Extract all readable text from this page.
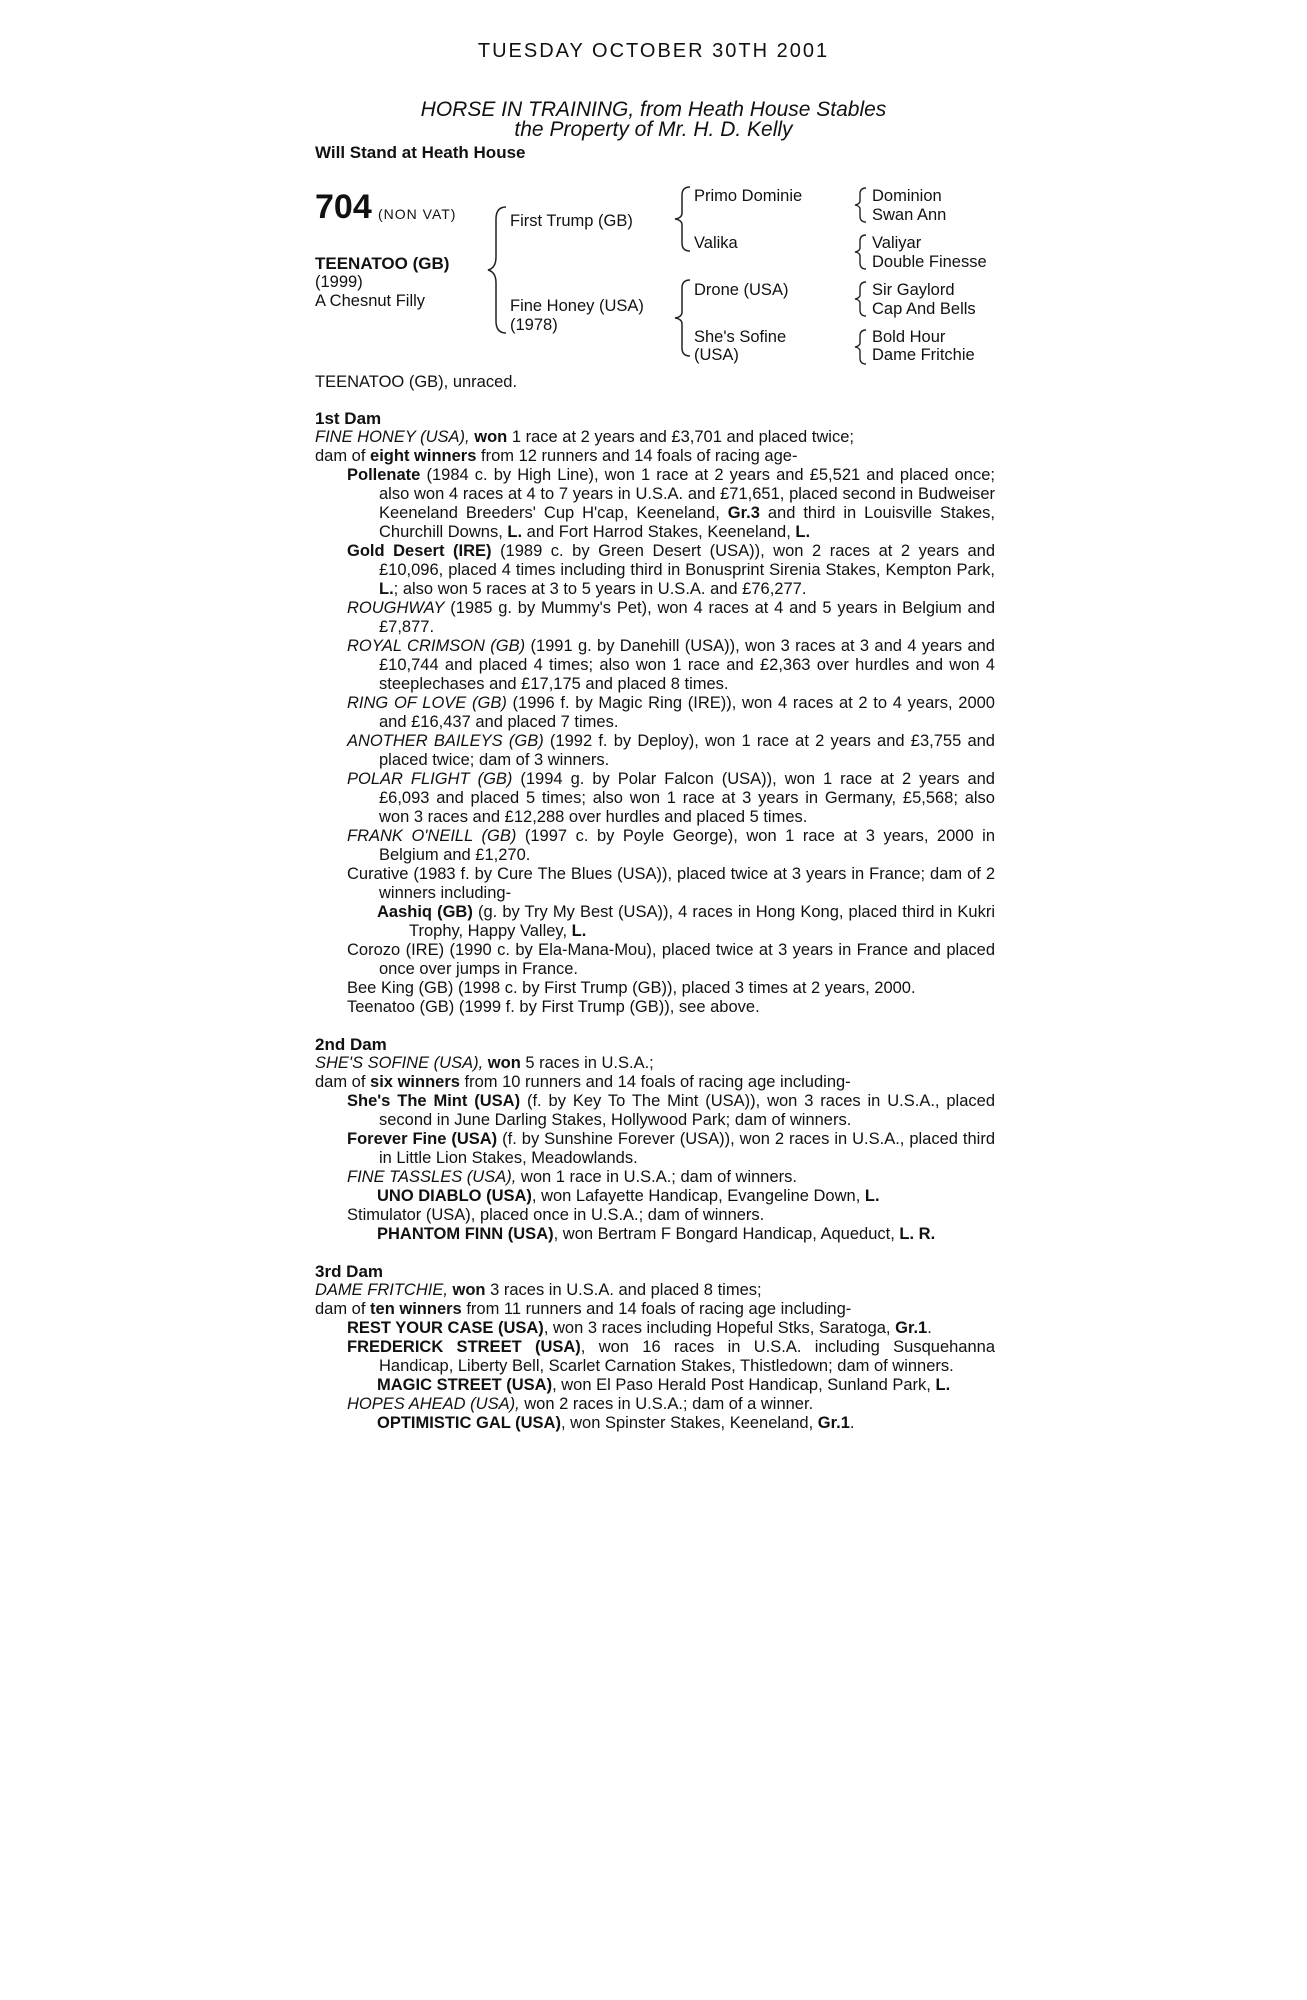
TUESDAY OCTOBER 30TH 2001
HORSE IN TRAINING, from Heath House Stables
the Property of Mr. H. D. Kelly
Will Stand at Heath House
704 (NON VAT)
TEENATOO (GB)
(1999)
A Chesnut Filly
First Trump (GB)
Fine Honey (USA)
(1978)
Primo Dominie
Valika
Drone (USA)
She's Sofine
(USA)
Dominion
Swan Ann
Valiyar
Double Finesse
Sir Gaylord
Cap And Bells
Bold Hour
Dame Fritchie
TEENATOO (GB), unraced.

1st Dam

FINE HONEY (USA), won 1 race at 2 years and £3,701 and placed twice;

dam of eight winners from 12 runners and 14 foals of racing age-

Pollenate (1984 c. by High Line), won 1 race at 2 years and £5,521 and placed once; also won 4 races at 4 to 7 years in U.S.A. and £71,651, placed second in Budweiser Keeneland Breeders' Cup H'cap, Keeneland, Gr.3 and third in Louisville Stakes, Churchill Downs, L. and Fort Harrod Stakes, Keeneland, L.

Gold Desert (IRE) (1989 c. by Green Desert (USA)), won 2 races at 2 years and £10,096, placed 4 times including third in Bonusprint Sirenia Stakes, Kempton Park, L.; also won 5 races at 3 to 5 years in U.S.A. and £76,277.

ROUGHWAY (1985 g. by Mummy's Pet), won 4 races at 4 and 5 years in Belgium and £7,877.

ROYAL CRIMSON (GB) (1991 g. by Danehill (USA)), won 3 races at 3 and 4 years and £10,744 and placed 4 times; also won 1 race and £2,363 over hurdles and won 4 steeplechases and £17,175 and placed 8 times.

RING OF LOVE (GB) (1996 f. by Magic Ring (IRE)), won 4 races at 2 to 4 years, 2000 and £16,437 and placed 7 times.

ANOTHER BAILEYS (GB) (1992 f. by Deploy), won 1 race at 2 years and £3,755 and placed twice; dam of 3 winners.

POLAR FLIGHT (GB) (1994 g. by Polar Falcon (USA)), won 1 race at 2 years and £6,093 and placed 5 times; also won 1 race at 3 years in Germany, £5,568; also won 3 races and £12,288 over hurdles and placed 5 times.

FRANK O'NEILL (GB) (1997 c. by Poyle George), won 1 race at 3 years, 2000 in Belgium and £1,270.

Curative (1983 f. by Cure The Blues (USA)), placed twice at 3 years in France; dam of 2 winners including-

Aashiq (GB) (g. by Try My Best (USA)), 4 races in Hong Kong, placed third in Kukri Trophy, Happy Valley, L.

Corozo (IRE) (1990 c. by Ela-Mana-Mou), placed twice at 3 years in France and placed once over jumps in France.

Bee King (GB) (1998 c. by First Trump (GB)), placed 3 times at 2 years, 2000.

Teenatoo (GB) (1999 f. by First Trump (GB)), see above.

2nd Dam

SHE'S SOFINE (USA), won 5 races in U.S.A.;

dam of six winners from 10 runners and 14 foals of racing age including-

She's The Mint (USA) (f. by Key To The Mint (USA)), won 3 races in U.S.A., placed second in June Darling Stakes, Hollywood Park; dam of winners.

Forever Fine (USA) (f. by Sunshine Forever (USA)), won 2 races in U.S.A., placed third in Little Lion Stakes, Meadowlands.

FINE TASSLES (USA), won 1 race in U.S.A.; dam of winners.

UNO DIABLO (USA), won Lafayette Handicap, Evangeline Down, L.

Stimulator (USA), placed once in U.S.A.; dam of winners.

PHANTOM FINN (USA), won Bertram F Bongard Handicap, Aqueduct, L. R.

3rd Dam

DAME FRITCHIE, won 3 races in U.S.A. and placed 8 times;

dam of ten winners from 11 runners and 14 foals of racing age including-

REST YOUR CASE (USA), won 3 races including Hopeful Stks, Saratoga, Gr.1.

FREDERICK STREET (USA), won 16 races in U.S.A. including Susquehanna Handicap, Liberty Bell, Scarlet Carnation Stakes, Thistledown; dam of winners.

MAGIC STREET (USA), won El Paso Herald Post Handicap, Sunland Park, L.

HOPES AHEAD (USA), won 2 races in U.S.A.; dam of a winner.

OPTIMISTIC GAL (USA), won Spinster Stakes, Keeneland, Gr.1.
